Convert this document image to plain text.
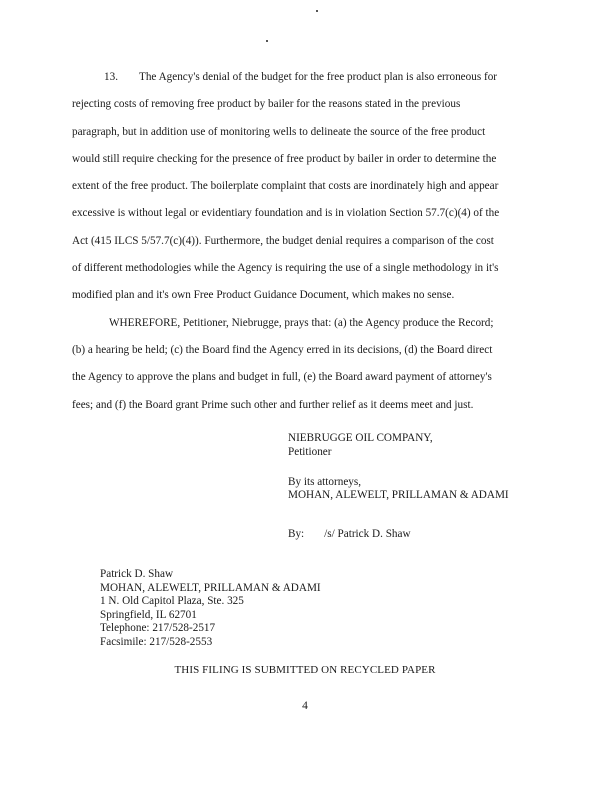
13. The Agency's denial of the budget for the free product plan is also erroneous for
rejecting costs of removing free product by bailer for the reasons stated in the previous
paragraph, but in addition use of monitoring wells to delineate the source of the free product
would still require checking for the presence of free product by bailer in order to determine the
extent of the free product. The boilerplate complaint that costs are inordinately high and appear
excessive is without legal or evidentiary foundation and is in violation Section 57.7(c)(4) of the
Act (415 ILCS 5/57.7(c)(4)). Furthermore, the budget denial requires a comparison of the cost
of different methodologies while the Agency is requiring the use of a single methodology in it's
modified plan and it's own Free Product Guidance Document, which makes no sense.
WHEREFORE, Petitioner, Niebrugge, prays that: (a) the Agency produce the Record;
(b) a hearing be held; (c) the Board find the Agency erred in its decisions, (d) the Board direct
the Agency to approve the plans and budget in full, (e) the Board award payment of attorney's
fees; and (f) the Board grant Prime such other and further relief as it deems meet and just.
NIEBRUGGE OIL COMPANY,
Petitioner
By its attorneys,
MOHAN, ALEWELT, PRILLAMAN & ADAMI
By: /s/ Patrick D. Shaw
Patrick D. Shaw
MOHAN, ALEWELT, PRILLAMAN & ADAMI
1 N. Old Capitol Plaza, Ste. 325
Springfield, IL 62701
Telephone: 217/528-2517
Facsimile: 217/528-2553
THIS FILING IS SUBMITTED ON RECYCLED PAPER
4
